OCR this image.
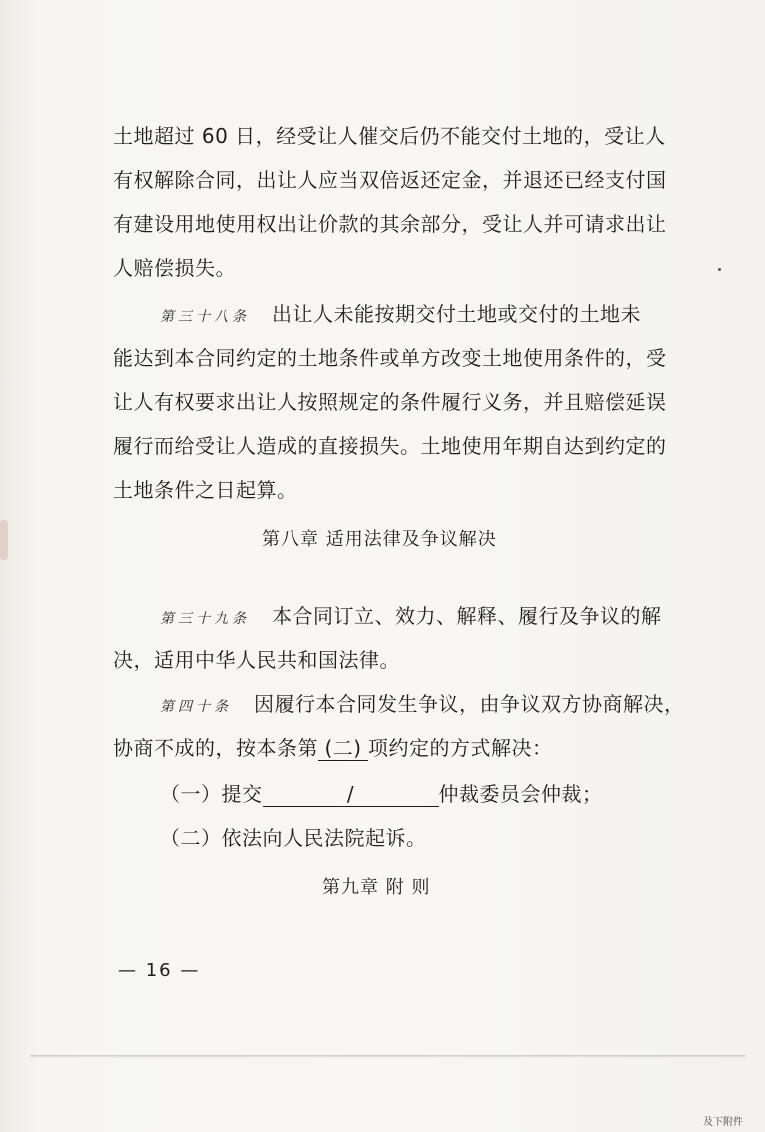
土地超过 60 日，经受让人催交后仍不能交付土地的，受让人
有权解除合同，出让人应当双倍返还定金，并退还已经支付国
有建设用地使用权出让价款的其余部分，受让人并可请求出让
人赔偿损失。
第三十八条 出让人未能按期交付土地或交付的土地未
能达到本合同约定的土地条件或单方改变土地使用条件的，受
让人有权要求出让人按照规定的条件履行义务，并且赔偿延误
履行而给受让人造成的直接损失。土地使用年期自达到约定的
土地条件之日起算。
第八章 适用法律及争议解决
第三十九条 本合同订立、效力、解释、履行及争议的解
决，适用中华人民共和国法律。
第四十条 因履行本合同发生争议，由争议双方协商解决，
协商不成的，按本条第 (二) 项约定的方式解决：
（一）提交	/	仲裁委员会仲裁；
（二）依法向人民法院起诉。
第九章 附 则
— 16 —
及下附件
